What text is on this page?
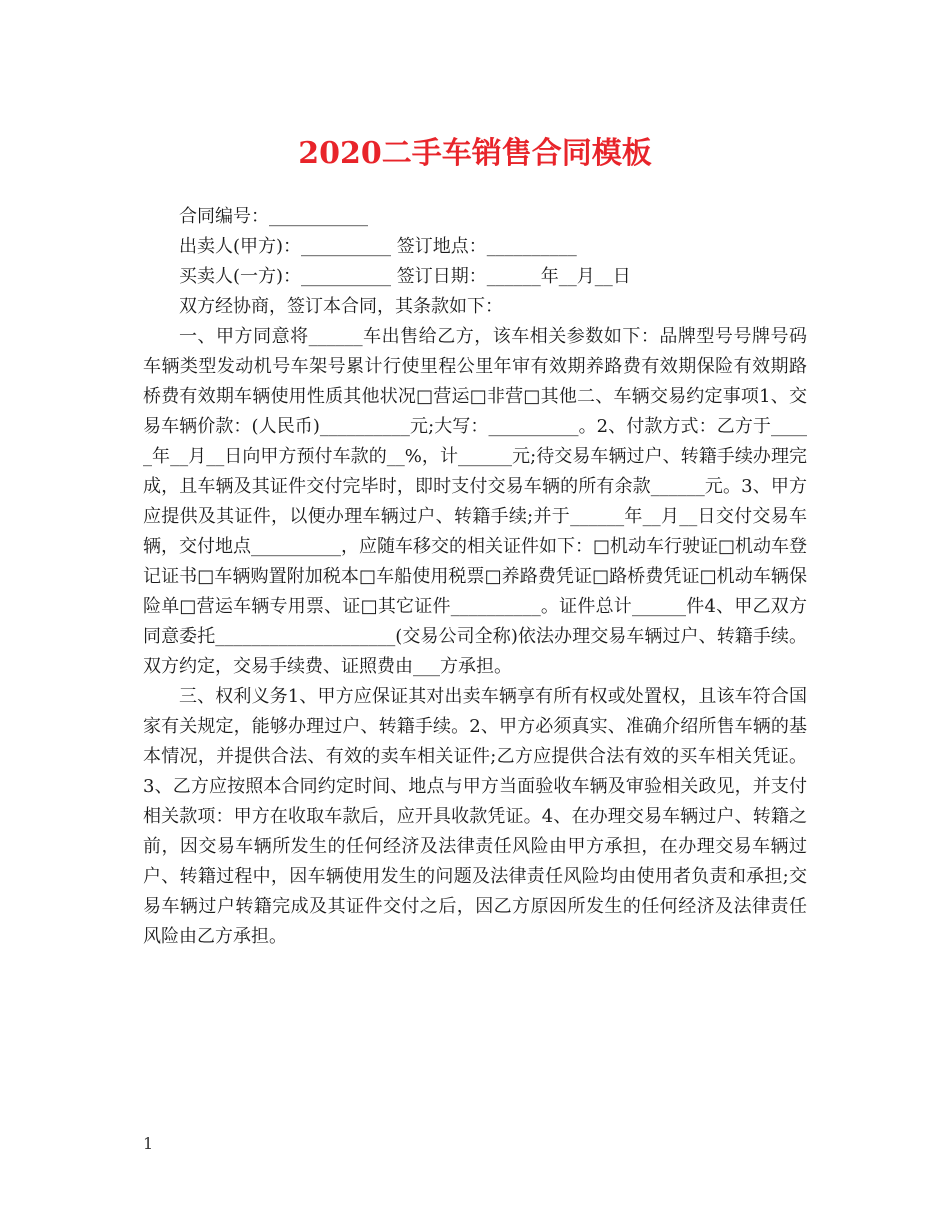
2020二手车销售合同模板

合同编号：___________

出卖人(甲方)：__________ 签订地点：__________

买卖人(一方)：__________ 签订日期：______年__月__日

双方经协商，签订本合同，其条款如下：

一、甲方同意将______车出售给乙方，该车相关参数如下：品牌型号号牌号码车辆类型发动机号车架号累计行使里程公里年审有效期养路费有效期保险有效期路桥费有效期车辆使用性质其他状况□营运□非营□其他二、车辆交易约定事项1、交易车辆价款：(人民币)__________元;大写：__________。2、付款方式：乙方于_____年__月__日向甲方预付车款的__%，计______元;待交易车辆过户、转籍手续办理完成，且车辆及其证件交付完毕时，即时支付交易车辆的所有余款______元。3、甲方应提供及其证件，以便办理车辆过户、转籍手续;并于______年__月__日交付交易车辆，交付地点__________，应随车移交的相关证件如下：□机动车行驶证□机动车登记证书□车辆购置附加税本□车船使用税票□养路费凭证□路桥费凭证□机动车辆保险单□营运车辆专用票、证□其它证件__________。证件总计______件4、甲乙双方同意委托____________________(交易公司全称)依法办理交易车辆过户、转籍手续。双方约定，交易手续费、证照费由___方承担。

三、权利义务1、甲方应保证其对出卖车辆享有所有权或处置权，且该车符合国家有关规定，能够办理过户、转籍手续。2、甲方必须真实、准确介绍所售车辆的基本情况，并提供合法、有效的卖车相关证件;乙方应提供合法有效的买车相关凭证。3、乙方应按照本合同约定时间、地点与甲方当面验收车辆及审验相关政见，并支付相关款项：甲方在收取车款后，应开具收款凭证。4、在办理交易车辆过户、转籍之前，因交易车辆所发生的任何经济及法律责任风险由甲方承担，在办理交易车辆过户、转籍过程中，因车辆使用发生的问题及法律责任风险均由使用者负责和承担;交易车辆过户转籍完成及其证件交付之后，因乙方原因所发生的任何经济及法律责任风险由乙方承担。

1
